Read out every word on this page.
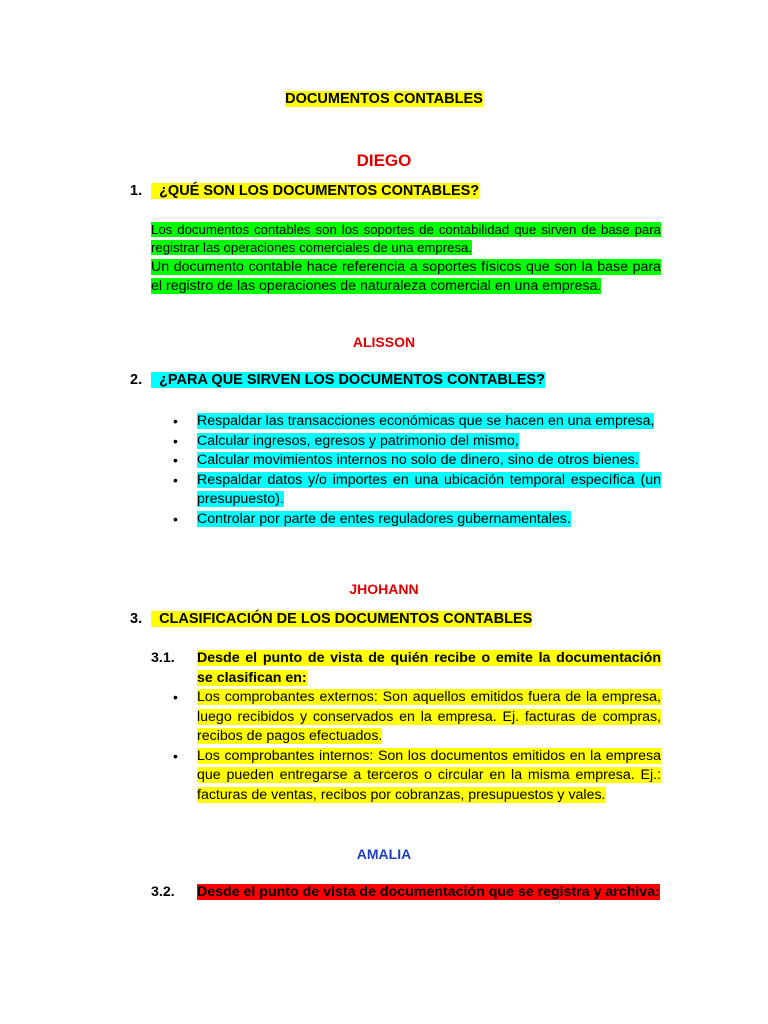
DOCUMENTOS CONTABLES
DIEGO
1. ¿QUÉ SON LOS DOCUMENTOS CONTABLES?
Los documentos contables son los soportes de contabilidad que sirven de base para registrar las operaciones comerciales de una empresa.
Un documento contable hace referencia a soportes físicos que son la base para el registro de las operaciones de naturaleza comercial en una empresa.
ALISSON
2. ¿PARA QUE SIRVEN LOS DOCUMENTOS CONTABLES?
• Respaldar las transacciones económicas que se hacen en una empresa,
• Calcular ingresos, egresos y patrimonio del mismo,
• Calcular movimientos internos no solo de dinero, sino de otros bienes.
• Respaldar datos y/o importes en una ubicación temporal específica (un presupuesto).
• Controlar por parte de entes reguladores gubernamentales.
JHOHANN
3. CLASIFICACIÓN DE LOS DOCUMENTOS CONTABLES
3.1. Desde el punto de vista de quién recibe o emite la documentación se clasifican en:
• Los comprobantes externos: Son aquellos emitidos fuera de la empresa, luego recibidos y conservados en la empresa. Ej. facturas de compras, recibos de pagos efectuados.
• Los comprobantes internos: Son los documentos emitidos en la empresa que pueden entregarse a terceros o circular en la misma empresa. Ej.: facturas de ventas, recibos por cobranzas, presupuestos y vales.
AMALIA
3.2. Desde el punto de vista de documentación que se registra y archiva:
